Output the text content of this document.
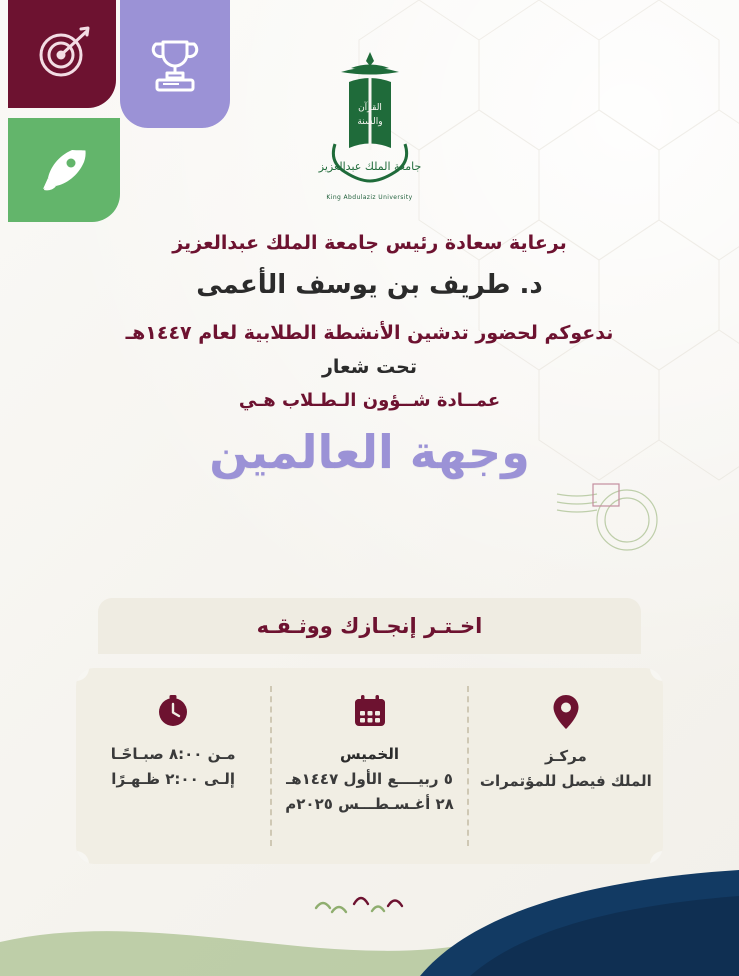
القرآن
والسنة
جامعة الملك عبدالعزيز
King Abdulaziz University
برعاية سعادة رئيس جامعة الملك عبدالعزيز
د. طريف بن يوسف الأعمى
ندعوكم لحضور تدشين الأنشطة الطلابية لعام ١٤٤٧هـ
تحت شعار
عمــادة شــؤون الـطـلاب هـي
وجهة العالمين
اخـتـر إنجـازك ووثـقـه
مركـز
الملك فيصل للمؤتمرات
الخميس
٥ ربيــــع الأول ١٤٤٧هـ
٢٨ أغـسـطـــس ٢٠٢٥م
مـن ٨:٠٠ صبـاحًـا
إلـى ٢:٠٠ ظـهـرًا
